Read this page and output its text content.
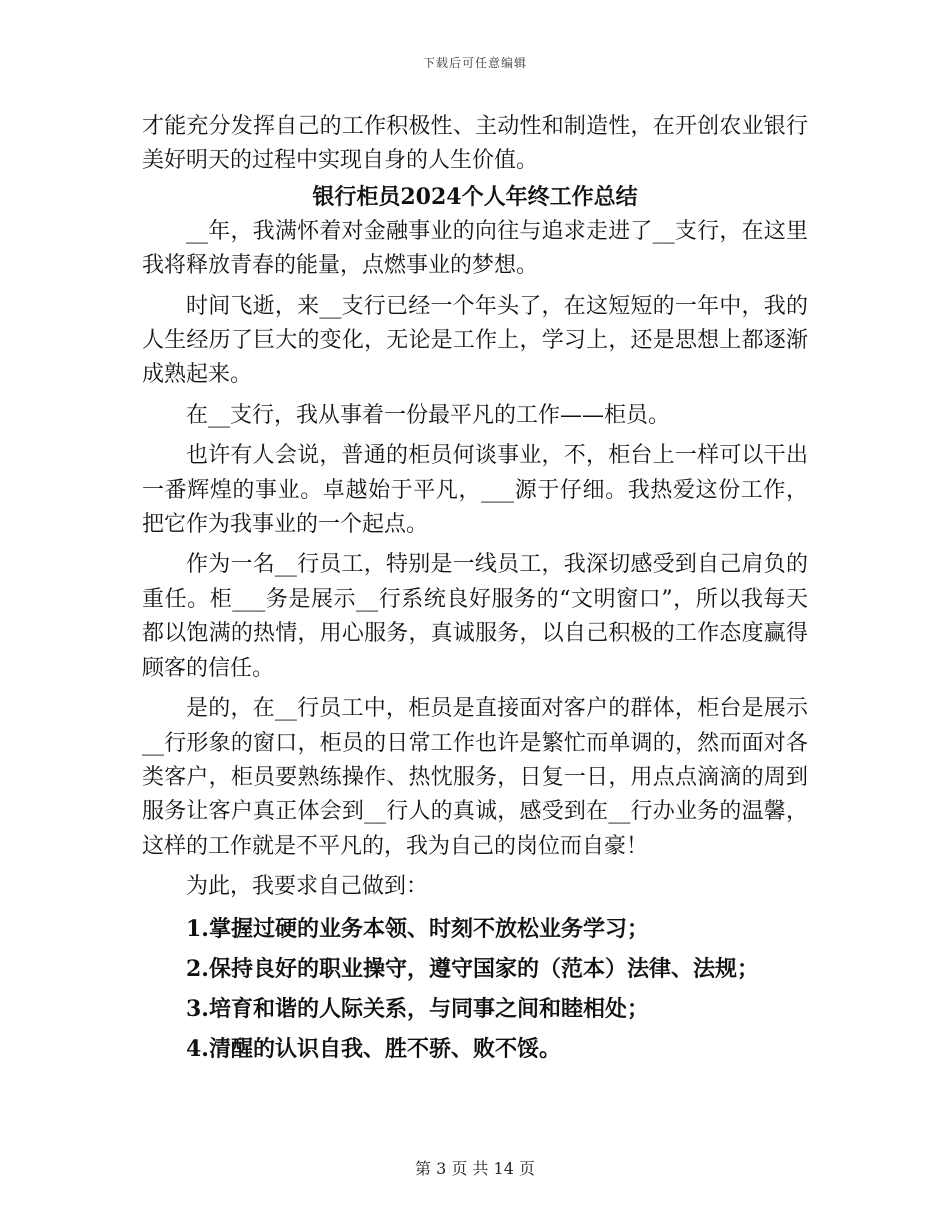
下载后可任意编辑

才能充分发挥自己的工作积极性、主动性和制造性，在开创农业银行美好明天的过程中实现自身的人生价值。

银行柜员2024个人年终工作总结

__年，我满怀着对金融事业的向往与追求走进了__支行，在这里我将释放青春的能量，点燃事业的梦想。

时间飞逝，来__支行已经一个年头了，在这短短的一年中，我的人生经历了巨大的变化，无论是工作上，学习上，还是思想上都逐渐成熟起来。

在__支行，我从事着一份最平凡的工作——柜员。

也许有人会说，普通的柜员何谈事业，不，柜台上一样可以干出一番辉煌的事业。卓越始于平凡，___源于仔细。我热爱这份工作，把它作为我事业的一个起点。

作为一名__行员工，特别是一线员工，我深切感受到自己肩负的重任。柜___务是展示__行系统良好服务的“文明窗口”，所以我每天都以饱满的热情，用心服务，真诚服务，以自己积极的工作态度赢得顾客的信任。

是的，在__行员工中，柜员是直接面对客户的群体，柜台是展示__行形象的窗口，柜员的日常工作也许是繁忙而单调的，然而面对各类客户，柜员要熟练操作、热忱服务，日复一日，用点点滴滴的周到服务让客户真正体会到__行人的真诚，感受到在__行办业务的温馨，这样的工作就是不平凡的，我为自己的岗位而自豪！

为此，我要求自己做到：

1.掌握过硬的业务本领、时刻不放松业务学习；

2.保持良好的职业操守，遵守国家的（范本）法律、法规；

3.培育和谐的人际关系，与同事之间和睦相处；

4.清醒的认识自我、胜不骄、败不馁。

第 3 页 共 14 页
